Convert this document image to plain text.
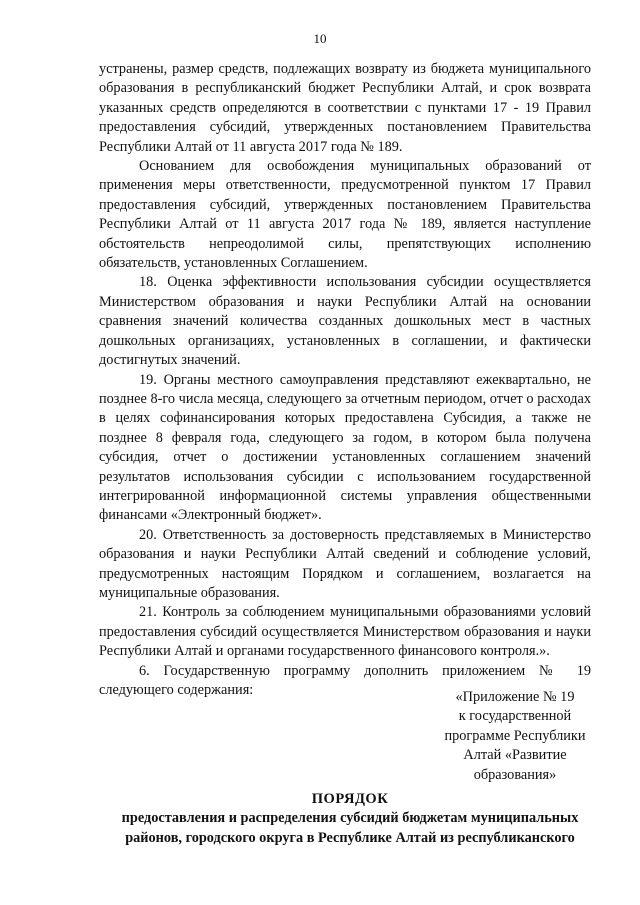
10

устранены, размер средств, подлежащих возврату из бюджета муниципального образования в республиканский бюджет Республики Алтай, и срок возврата указанных средств определяются в соответствии с пунктами 17 - 19 Правил предоставления субсидий, утвержденных постановлением Правительства Республики Алтай от 11 августа 2017 года № 189.

Основанием для освобождения муниципальных образований от применения меры ответственности, предусмотренной пунктом 17 Правил предоставления субсидий, утвержденных постановлением Правительства Республики Алтай от 11 августа 2017 года № 189, является наступление обстоятельств непреодолимой силы, препятствующих исполнению обязательств, установленных Соглашением.

18. Оценка эффективности использования субсидии осуществляется Министерством образования и науки Республики Алтай на основании сравнения значений количества созданных дошкольных мест в частных дошкольных организациях, установленных в соглашении, и фактически достигнутых значений.

19. Органы местного самоуправления представляют ежеквартально, не позднее 8-го числа месяца, следующего за отчетным периодом, отчет о расходах в целях софинансирования которых предоставлена Субсидия, а также не позднее 8 февраля года, следующего за годом, в котором была получена субсидия, отчет о достижении установленных соглашением значений результатов использования субсидии с использованием государственной интегрированной информационной системы управления общественными финансами «Электронный бюджет».

20. Ответственность за достоверность представляемых в Министерство образования и науки Республики Алтай сведений и соблюдение условий, предусмотренных настоящим Порядком и соглашением, возлагается на муниципальные образования.

21. Контроль за соблюдением муниципальными образованиями условий предоставления субсидий осуществляется Министерством образования и науки Республики Алтай и органами государственного финансового контроля.».

6. Государственную программу дополнить приложением № 19 следующего содержания:	«Приложение № 19
к государственной
программе Республики
Алтай «Развитие
образования»
ПОРЯДОК
предоставления и распределения субсидий бюджетам муниципальных
районов, городского округа в Республике Алтай из республиканского
